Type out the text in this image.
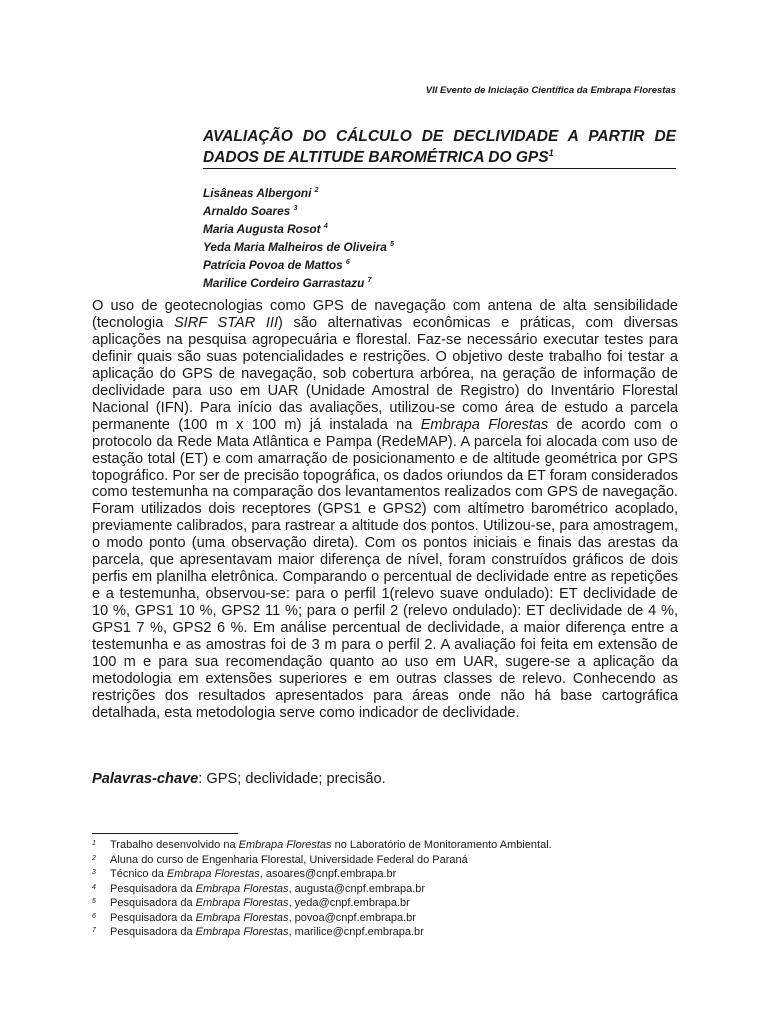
VII Evento de Iniciação Científica da Embrapa Florestas
AVALIAÇÃO DO CÁLCULO DE DECLIVIDADE A PARTIR DE DADOS DE ALTITUDE BAROMÉTRICA DO GPS$^1$
Lisâneas Albergoni $^2$
Arnaldo Soares $^3$
Maria Augusta Rosot $^4$
Yeda Maria Malheiros de Oliveira $^5$
Patrícia Povoa de Mattos $^6$
Marilice Cordeiro Garrastazu $^7$

O uso de geotecnologias como GPS de navegação com antena de alta sensibilidade (tecnologia SIRF STAR III) são alternativas econômicas e práticas, com diversas aplicações na pesquisa agropecuária e florestal. Faz-se necessário executar testes para definir quais são suas potencialidades e restrições. O objetivo deste trabalho foi testar a aplicação do GPS de navegação, sob cobertura arbórea, na geração de informação de declividade para uso em UAR (Unidade Amostral de Registro) do Inventário Florestal Nacional (IFN). Para início das avaliações, utilizou-se como área de estudo a parcela permanente (100 m x 100 m) já instalada na Embrapa Florestas de acordo com o protocolo da Rede Mata Atlântica e Pampa (RedeMAP). A parcela foi alocada com uso de estação total (ET) e com amarração de posicionamento e de altitude geométrica por GPS topográfico. Por ser de precisão topográfica, os dados oriundos da ET foram considerados como testemunha na comparação dos levantamentos realizados com GPS de navegação. Foram utilizados dois receptores (GPS1 e GPS2) com altímetro barométrico acoplado, previamente calibrados, para rastrear a altitude dos pontos. Utilizou-se, para amostragem, o modo ponto (uma observação direta). Com os pontos iniciais e finais das arestas da parcela, que apresentavam maior diferença de nível, foram construídos gráficos de dois perfis em planilha eletrônica. Comparando o percentual de declividade entre as repetições e a testemunha, observou-se: para o perfil 1(relevo suave ondulado): ET declividade de 10 %, GPS1 10 %, GPS2 11 %; para o perfil 2 (relevo ondulado): ET declividade de 4 %, GPS1 7 %, GPS2 6 %. Em análise percentual de declividade, a maior diferença entre a testemunha e as amostras foi de 3 m para o perfil 2. A avaliação foi feita em extensão de 100 m e para sua recomendação quanto ao uso em UAR, sugere-se a aplicação da metodologia em extensões superiores e em outras classes de relevo. Conhecendo as restrições dos resultados apresentados para áreas onde não há base cartográfica detalhada, esta metodologia serve como indicador de declividade.

Palavras-chave: GPS; declividade; precisão.

1 Trabalho desenvolvido na Embrapa Florestas no Laboratório de Monitoramento Ambiental.
2 Aluna do curso de Engenharia Florestal, Universidade Federal do Paraná
3 Técnico da Embrapa Florestas, asoares@cnpf.embrapa.br
4 Pesquisadora da Embrapa Florestas, augusta@cnpf.embrapa.br
5 Pesquisadora da Embrapa Florestas, yeda@cnpf.embrapa.br
6 Pesquisadora da Embrapa Florestas, povoa@cnpf.embrapa.br
7 Pesquisadora da Embrapa Florestas, marilice@cnpf.embrapa.br
